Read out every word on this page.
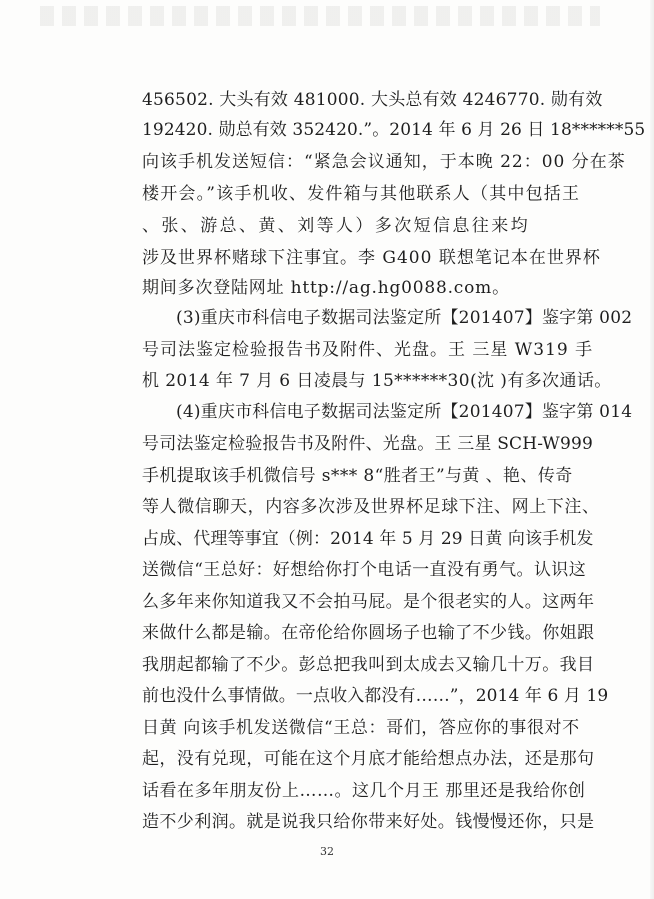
456502. 大头有效 481000. 大头总有效 4246770. 勋有效
192420. 勋总有效 352420.”。2014 年 6 月 26 日 18******55
向该手机发送短信：“紧急会议通知，于本晚 22：00 分在茶
楼开会。”该手机收、发件箱与其他联系人（其中包括王
、张、游总、黄、刘等人）多次短信息往来均
涉及世界杯赌球下注事宜。李 G400 联想笔记本在世界杯
期间多次登陆网址 http://ag.hg0088.com。
(3)重庆市科信电子数据司法鉴定所【201407】鉴字第 002
号司法鉴定检验报告书及附件、光盘。王 三星 W319 手
机 2014 年 7 月 6 日凌晨与 15******30(沈 )有多次通话。
(4)重庆市科信电子数据司法鉴定所【201407】鉴字第 014
号司法鉴定检验报告书及附件、光盘。王 三星 SCH-W999
手机提取该手机微信号 s*** 8“胜者王”与黄 、艳、传奇
等人微信聊天，内容多次涉及世界杯足球下注、网上下注、
占成、代理等事宜（例：2014 年 5 月 29 日黄 向该手机发
送微信“王总好：好想给你打个电话一直没有勇气。认识这
么多年来你知道我又不会拍马屁。是个很老实的人。这两年
来做什么都是输。在帝伦给你圆场子也输了不少钱。你姐跟
我朋起都输了不少。彭总把我叫到太成去又输几十万。我目
前也没什么事情做。一点收入都没有……”，2014 年 6 月 19
日黄 向该手机发送微信“王总：哥们，答应你的事很对不
起，没有兑现，可能在这个月底才能给想点办法，还是那句
话看在多年朋友份上……。这几个月王 那里还是我给你创
造不少利润。就是说我只给你带来好处。钱慢慢还你，只是
32
